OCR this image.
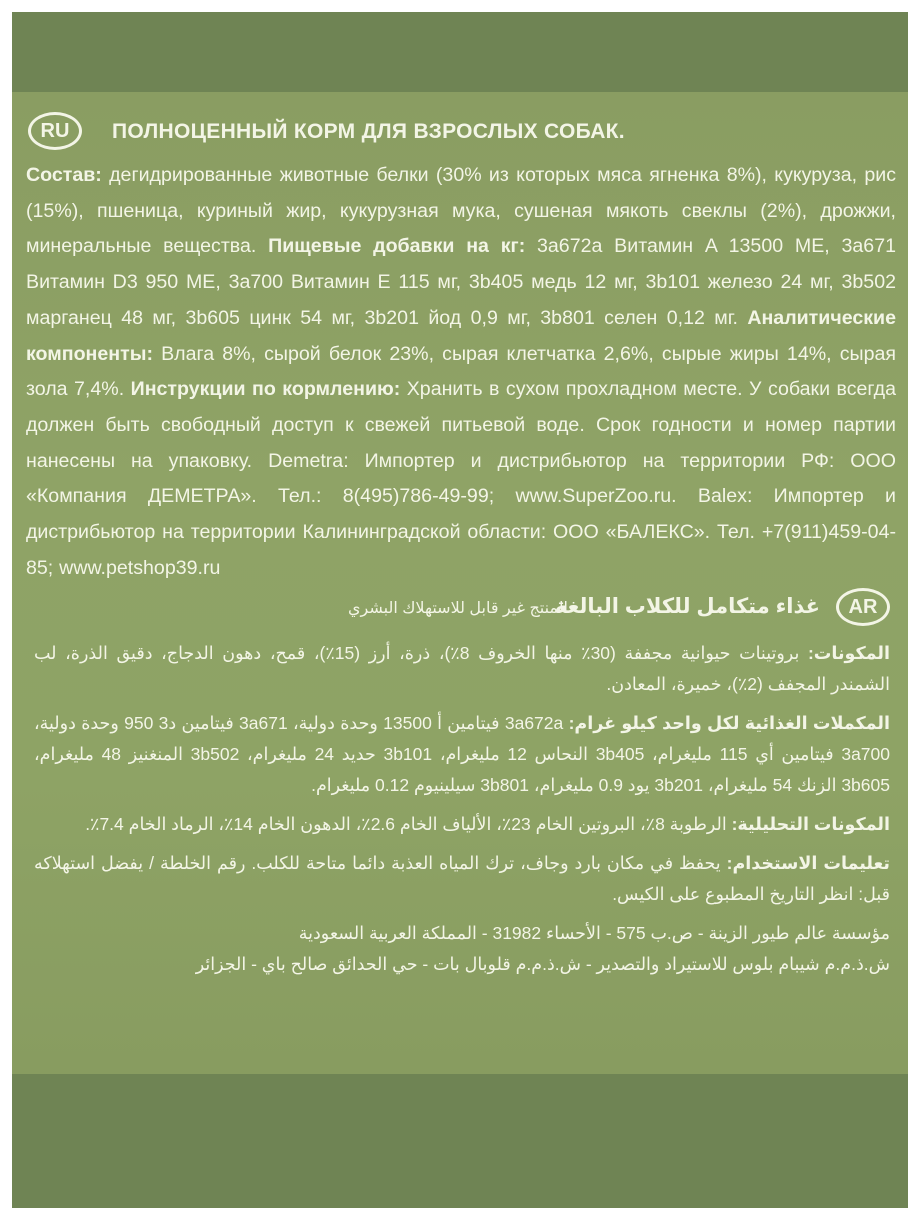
RU	ПОЛНОЦЕННЫЙ КОРМ ДЛЯ ВЗРОСЛЫХ СОБАК.
Состав: дегидрированные животные белки (30% из которых мяса ягненка 8%), кукуруза, рис (15%), пшеница, куриный жир, кукурузная мука, сушеная мякоть свеклы (2%), дрожжи, минеральные вещества. Пищевые добавки на кг: 3a672a Витамин A 13500 МЕ, 3a671 Витамин D3 950 МЕ, 3a700 Витамин E 115 мг, 3b405 медь 12 мг, 3b101 железо 24 мг, 3b502 марганец 48 мг, 3b605 цинк 54 мг, 3b201 йод 0,9 мг, 3b801 селен 0,12 мг. Аналитические компоненты: Влага 8%, сырой белок 23%, сырая клетчатка 2,6%, сырые жиры 14%, сырая зола 7,4%. Инструкции по кормлению: Хранить в сухом прохладном месте. У собаки всегда должен быть свободный доступ к свежей питьевой воде. Срок годности и номер партии нанесены на упаковку. Demetra: Импортер и дистрибьютор на территории РФ: ООО «Компания ДЕМЕТРА». Тел.: 8(495)786-49-99; www.SuperZoo.ru. Balex: Импортер и дистрибьютор на территории Калининградской области: ООО «БАЛЕКС». Тел. +7(911)459-04-85; www.petshop39.ru
AR
غذاء متكامل للكلاب البالغة
المنتج غير قابل للاستهلاك البشري
المكونات: بروتينات حيوانية مجففة (30٪ منها الخروف 8٪)، ذرة، أرز (15٪)، قمح، دهون الدجاج، دقيق الذرة، لب الشمندر المجفف (2٪)، خميرة، المعادن.
المكملات الغذائية لكل واحد كيلو غرام: 3a672a فيتامين أ 13500 وحدة دولية، 3a671 فيتامين د3 950 وحدة دولية، 3a700 فيتامين أي 115 مليغرام، 3b405 النحاس 12 مليغرام، 3b101 حديد 24 مليغرام، 3b502 المنغنيز 48 مليغرام، 3b605 الزنك 54 مليغرام، 3b201 يود 0.9 مليغرام، 3b801 سيلينيوم 0.12 مليغرام.
المكونات التحليلية: الرطوبة 8٪، البروتين الخام 23٪، الألياف الخام 2.6٪، الدهون الخام 14٪، الرماد الخام 7.4٪.
تعليمات الاستخدام: يحفظ في مكان بارد وجاف، ترك المياه العذبة دائما متاحة للكلب. رقم الخلطة / يفضل استهلاكه قبل: انظر التاريخ المطبوع على الكيس.
مؤسسة عالم طيور الزينة - ص.ب 575 - الأحساء 31982 - المملكة العربية السعودية
ش.ذ.م.م شيبام بلوس للاستيراد والتصدير - ش.ذ.م.م قلوبال بات - حي الحدائق صالح باي - الجزائر
